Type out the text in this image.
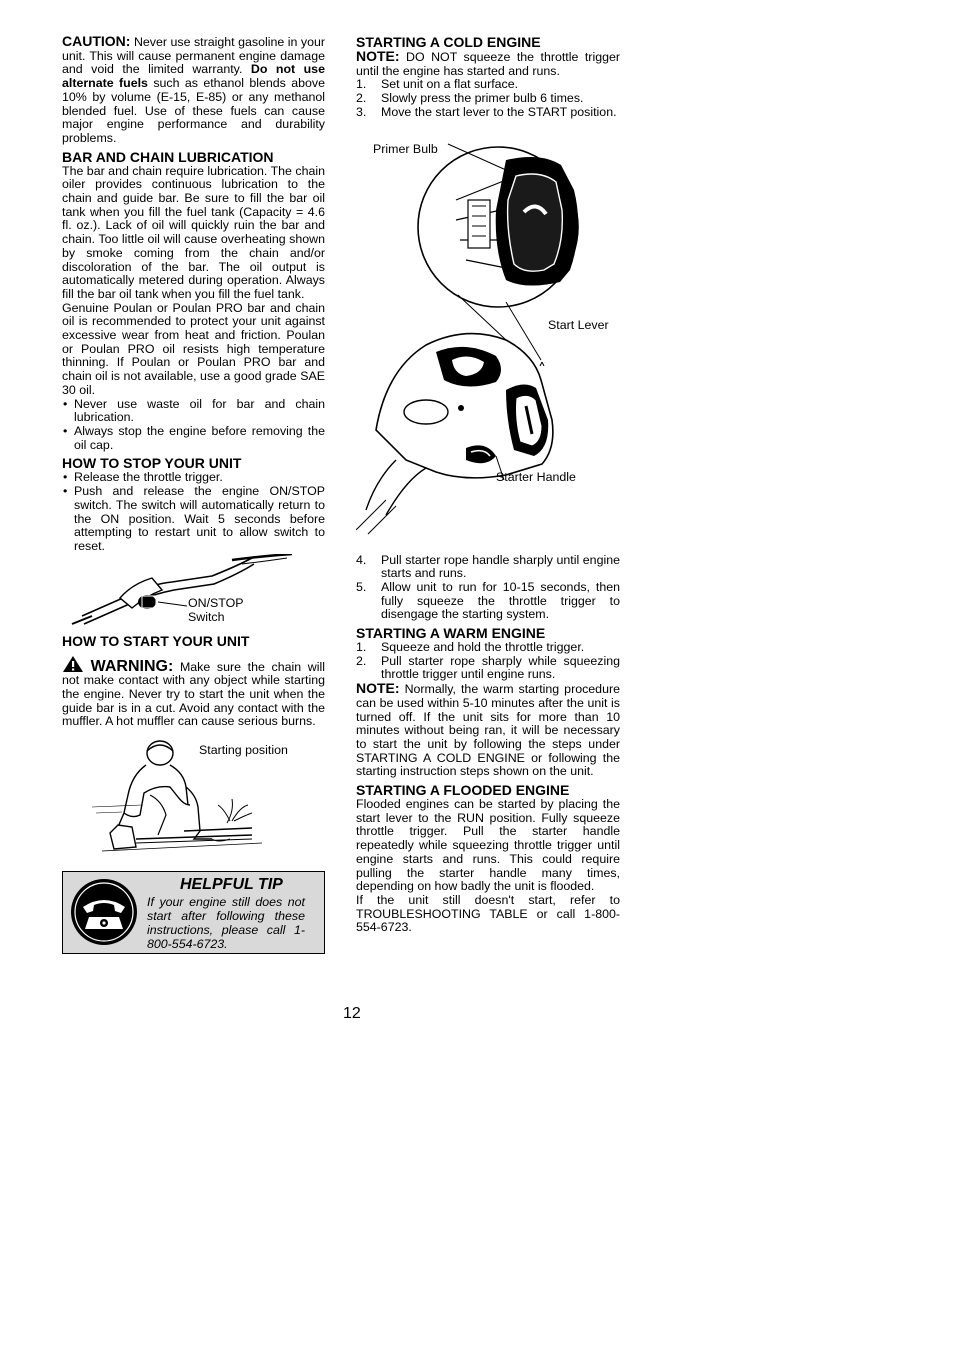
CAUTION: Never use straight gasoline in your unit. This will cause permanent engine damage and void the limited warranty. Do not use alternate fuels such as ethanol blends above 10% by volume (E-15, E-85) or any methanol blended fuel. Use of these fuels can cause major engine performance and durability problems.

BAR AND CHAIN LUBRICATION

The bar and chain require lubrication. The chain oiler provides continuous lubrication to the chain and guide bar. Be sure to fill the bar oil tank when you fill the fuel tank (Capacity = 4.6 fl. oz.). Lack of oil will quickly ruin the bar and chain. Too little oil will cause overheating shown by smoke coming from the chain and/or discoloration of the bar. The oil output is automatically metered during operation. Always fill the bar oil tank when you fill the fuel tank.

Genuine Poulan or Poulan PRO bar and chain oil is recommended to protect your unit against excessive wear from heat and friction. Poulan or Poulan PRO oil resists high temperature thinning. If Poulan or Poulan PRO bar and chain oil is not available, use a good grade SAE 30 oil.

• Never use waste oil for bar and chain lubrication.
• Always stop the engine before removing the oil cap.
HOW TO STOP YOUR UNIT
• Release the throttle trigger.
• Push and release the engine ON/STOP switch. The switch will automatically return to the ON position. Wait 5 seconds before attempting to restart unit to allow switch to reset.
ON/STOP
Switch
HOW TO START YOUR UNIT

WARNING: Make sure the chain will not make contact with any object while starting the engine. Never try to start the unit when the guide bar is in a cut. Avoid any contact with the muffler. A hot muffler can cause serious burns.

Starting position
HELPFUL TIP
If your engine still does not start after following these instructions, please call 1-800-554-6723.
STARTING A COLD ENGINE

NOTE: DO NOT squeeze the throttle trigger until the engine has started and runs.

1. Set unit on a flat surface.
2. Slowly press the primer bulb 6 times.
3. Move the start lever to the START position.
Primer Bulb
Start Lever
Starter Handle
4. Pull starter rope handle sharply until engine starts and runs.
5. Allow unit to run for 10-15 seconds, then fully squeeze the throttle trigger to disengage the starting system.
STARTING A WARM ENGINE
1. Squeeze and hold the throttle trigger.
2. Pull starter rope sharply while squeezing throttle trigger until engine runs.

NOTE: Normally, the warm starting procedure can be used within 5-10 minutes after the unit is turned off. If the unit sits for more than 10 minutes without being ran, it will be necessary to start the unit by following the steps under STARTING A COLD ENGINE or following the starting instruction steps shown on the unit.

STARTING A FLOODED ENGINE

Flooded engines can be started by placing the start lever to the RUN position. Fully squeeze throttle trigger. Pull the starter handle repeatedly while squeezing throttle trigger until engine starts and runs. This could require pulling the starter handle many times, depending on how badly the unit is flooded.

If the unit still doesn't start, refer to TROUBLESHOOTING TABLE or call 1-800-554-6723.

12
